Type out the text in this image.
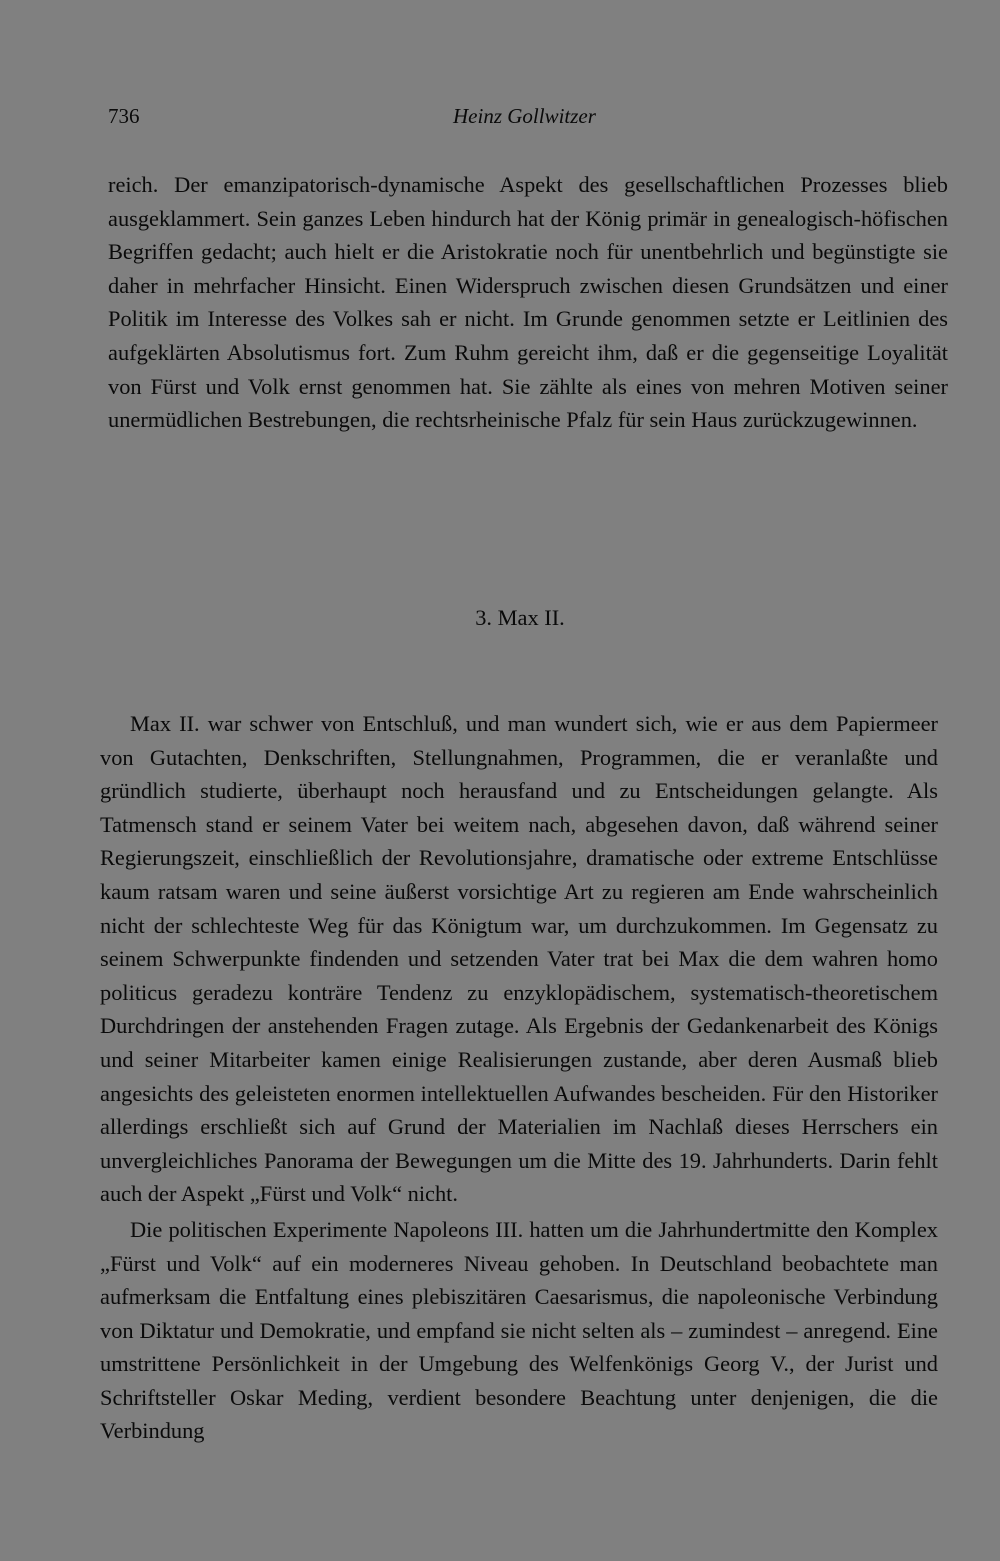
736	Heinz Gollwitzer

reich. Der emanzipatorisch-dynamische Aspekt des gesellschaftlichen Prozesses blieb ausgeklammert. Sein ganzes Leben hindurch hat der König primär in genealogisch-höfischen Begriffen gedacht; auch hielt er die Aristokratie noch für unentbehrlich und begünstigte sie daher in mehrfacher Hinsicht. Einen Widerspruch zwischen diesen Grundsätzen und einer Politik im Interesse des Volkes sah er nicht. Im Grunde genommen setzte er Leitlinien des aufgeklärten Absolutismus fort. Zum Ruhm gereicht ihm, daß er die gegenseitige Loyalität von Fürst und Volk ernst genommen hat. Sie zählte als eines von mehren Motiven seiner unermüdlichen Bestrebungen, die rechtsrheinische Pfalz für sein Haus zurückzugewinnen.

3. Max II.

Max II. war schwer von Entschluß, und man wundert sich, wie er aus dem Papiermeer von Gutachten, Denkschriften, Stellungnahmen, Programmen, die er veranlaßte und gründlich studierte, überhaupt noch herausfand und zu Entscheidungen gelangte. Als Tatmensch stand er seinem Vater bei weitem nach, abgesehen davon, daß während seiner Regierungszeit, einschließlich der Revolutionsjahre, dramatische oder extreme Entschlüsse kaum ratsam waren und seine äußerst vorsichtige Art zu regieren am Ende wahrscheinlich nicht der schlechteste Weg für das Königtum war, um durchzukommen. Im Gegensatz zu seinem Schwerpunkte findenden und setzenden Vater trat bei Max die dem wahren homo politicus geradezu konträre Tendenz zu enzyklopädischem, systematisch-theoretischem Durchdringen der anstehenden Fragen zutage. Als Ergebnis der Gedankenarbeit des Königs und seiner Mitarbeiter kamen einige Realisierungen zustande, aber deren Ausmaß blieb angesichts des geleisteten enormen intellektuellen Aufwandes bescheiden. Für den Historiker allerdings erschließt sich auf Grund der Materialien im Nachlaß dieses Herrschers ein unvergleichliches Panorama der Bewegungen um die Mitte des 19. Jahrhunderts. Darin fehlt auch der Aspekt „Fürst und Volk“ nicht.

Die politischen Experimente Napoleons III. hatten um die Jahrhundertmitte den Komplex „Fürst und Volk“ auf ein moderneres Niveau gehoben. In Deutschland beobachtete man aufmerksam die Entfaltung eines plebiszitären Caesarismus, die napoleonische Verbindung von Diktatur und Demokratie, und empfand sie nicht selten als – zumindest – anregend. Eine umstrittene Persönlichkeit in der Umgebung des Welfenkönigs Georg V., der Jurist und Schriftsteller Oskar Meding, verdient besondere Beachtung unter denjenigen, die die Verbindung
